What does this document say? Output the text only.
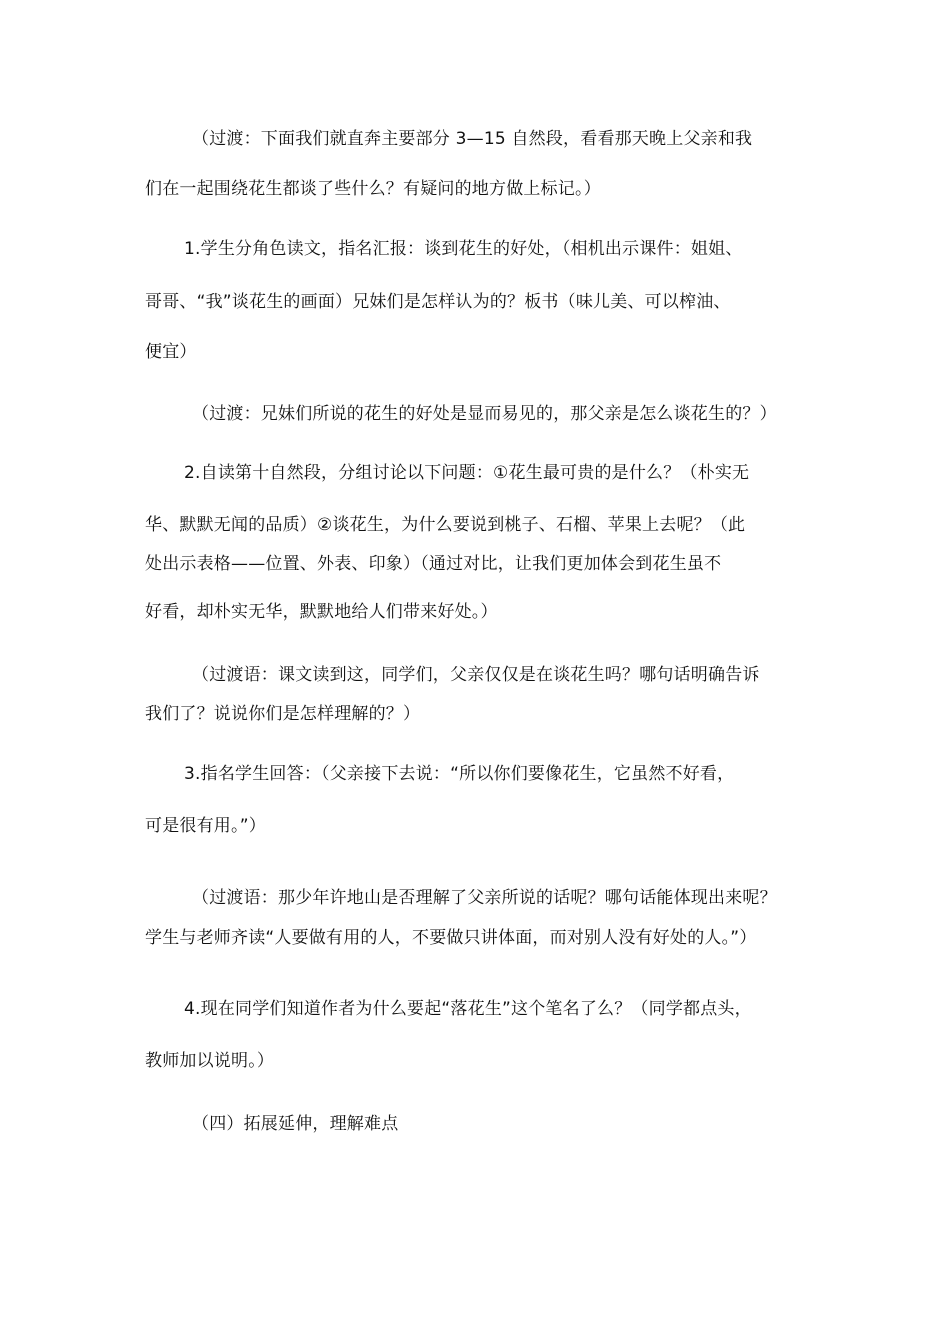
（过渡：下面我们就直奔主要部分 3—15 自然段，看看那天晚上父亲和我
们在一起围绕花生都谈了些什么？有疑问的地方做上标记。）
1.学生分角色读文，指名汇报：谈到花生的好处，（相机出示课件：姐姐、
哥哥、“我”谈花生的画面）兄妹们是怎样认为的？板书（味儿美、可以榨油、
便宜）
（过渡：兄妹们所说的花生的好处是显而易见的，那父亲是怎么谈花生的？）
2.自读第十自然段，分组讨论以下问题：①花生最可贵的是什么？（朴实无
华、默默无闻的品质）②谈花生，为什么要说到桃子、石榴、苹果上去呢？（此
处出示表格——位置、外表、印象）（通过对比，让我们更加体会到花生虽不
好看，却朴实无华，默默地给人们带来好处。）
（过渡语：课文读到这，同学们，父亲仅仅是在谈花生吗？哪句话明确告诉
我们了？说说你们是怎样理解的？）
3.指名学生回答：（父亲接下去说：“所以你们要像花生，它虽然不好看，
可是很有用。”）
（过渡语：那少年许地山是否理解了父亲所说的话呢？哪句话能体现出来呢？
学生与老师齐读“人要做有用的人，不要做只讲体面，而对别人没有好处的人。”）
4.现在同学们知道作者为什么要起“落花生”这个笔名了么？（同学都点头，
教师加以说明。）
（四）拓展延伸，理解难点
